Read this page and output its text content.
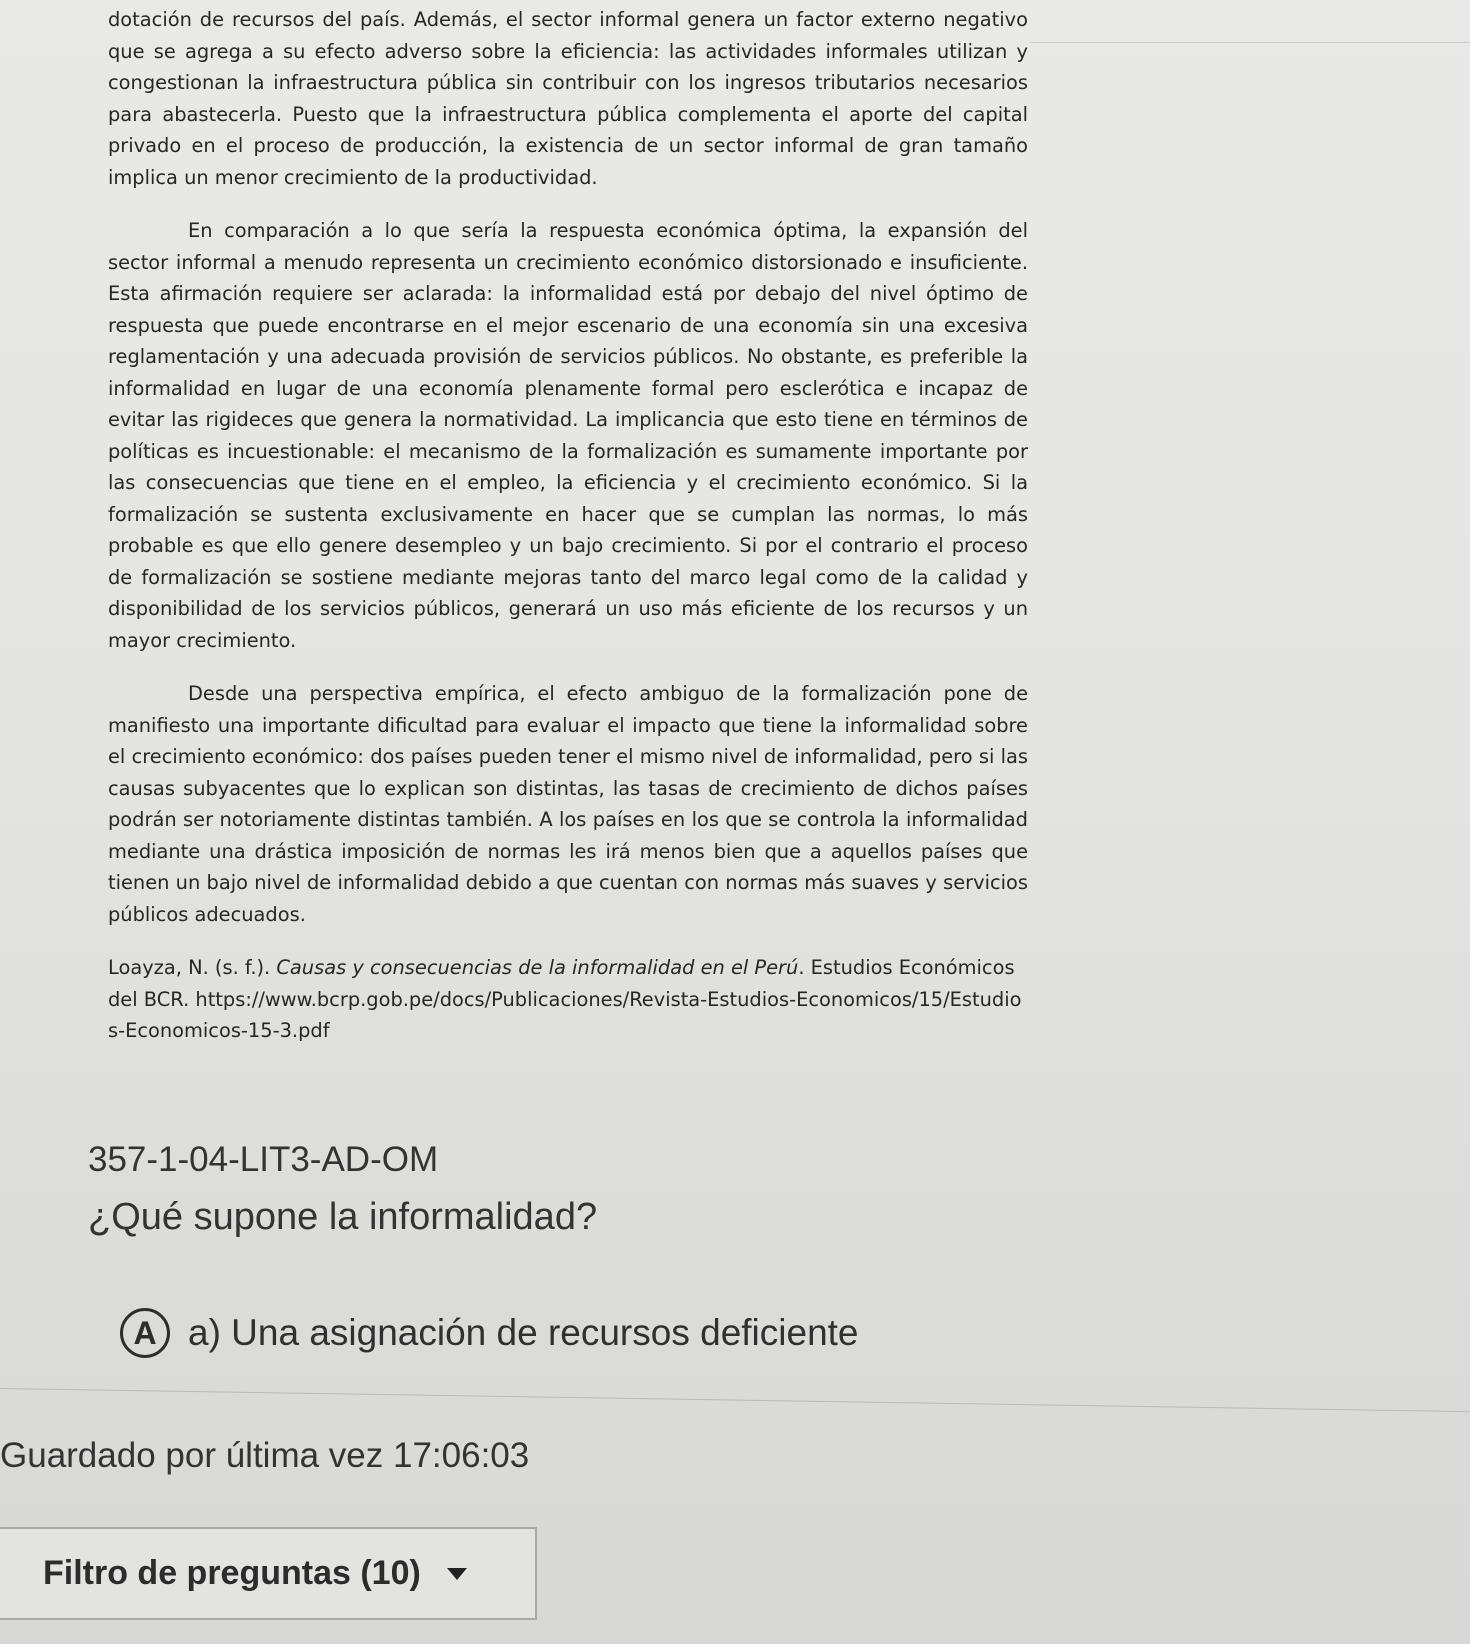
dotación de recursos del país. Además, el sector informal genera un factor externo negativo que se agrega a su efecto adverso sobre la eficiencia: las actividades informales utilizan y congestionan la infraestructura pública sin contribuir con los ingresos tributarios necesarios para abastecerla. Puesto que la infraestructura pública complementa el aporte del capital privado en el proceso de producción, la existencia de un sector informal de gran tamaño implica un menor crecimiento de la productividad.

En comparación a lo que sería la respuesta económica óptima, la expansión del sector informal a menudo representa un crecimiento económico distorsionado e insuficiente. Esta afirmación requiere ser aclarada: la informalidad está por debajo del nivel óptimo de respuesta que puede encontrarse en el mejor escenario de una economía sin una excesiva reglamentación y una adecuada provisión de servicios públicos. No obstante, es preferible la informalidad en lugar de una economía plenamente formal pero esclerótica e incapaz de evitar las rigideces que genera la normatividad. La implicancia que esto tiene en términos de políticas es incuestionable: el mecanismo de la formalización es sumamente importante por las consecuencias que tiene en el empleo, la eficiencia y el crecimiento económico. Si la formalización se sustenta exclusivamente en hacer que se cumplan las normas, lo más probable es que ello genere desempleo y un bajo crecimiento. Si por el contrario el proceso de formalización se sostiene mediante mejoras tanto del marco legal como de la calidad y disponibilidad de los servicios públicos, generará un uso más eficiente de los recursos y un mayor crecimiento.

Desde una perspectiva empírica, el efecto ambiguo de la formalización pone de manifiesto una importante dificultad para evaluar el impacto que tiene la informalidad sobre el crecimiento económico: dos países pueden tener el mismo nivel de informalidad, pero si las causas subyacentes que lo explican son distintas, las tasas de crecimiento de dichos países podrán ser notoriamente distintas también. A los países en los que se controla la informalidad mediante una drástica imposición de normas les irá menos bien que a aquellos países que tienen un bajo nivel de informalidad debido a que cuentan con normas más suaves y servicios públicos adecuados.

Loayza, N. (s. f.). Causas y consecuencias de la informalidad en el Perú. Estudios Económicos del BCR. https://www.bcrp.gob.pe/docs/Publicaciones/Revista-Estudios-Economicos/15/Estudios-Economicos-15-3.pdf

357-1-04-LIT3-AD-OM
¿Qué supone la informalidad?
A a) Una asignación de recursos deficiente
Guardado por última vez 17:06:03
Filtro de preguntas (10)
